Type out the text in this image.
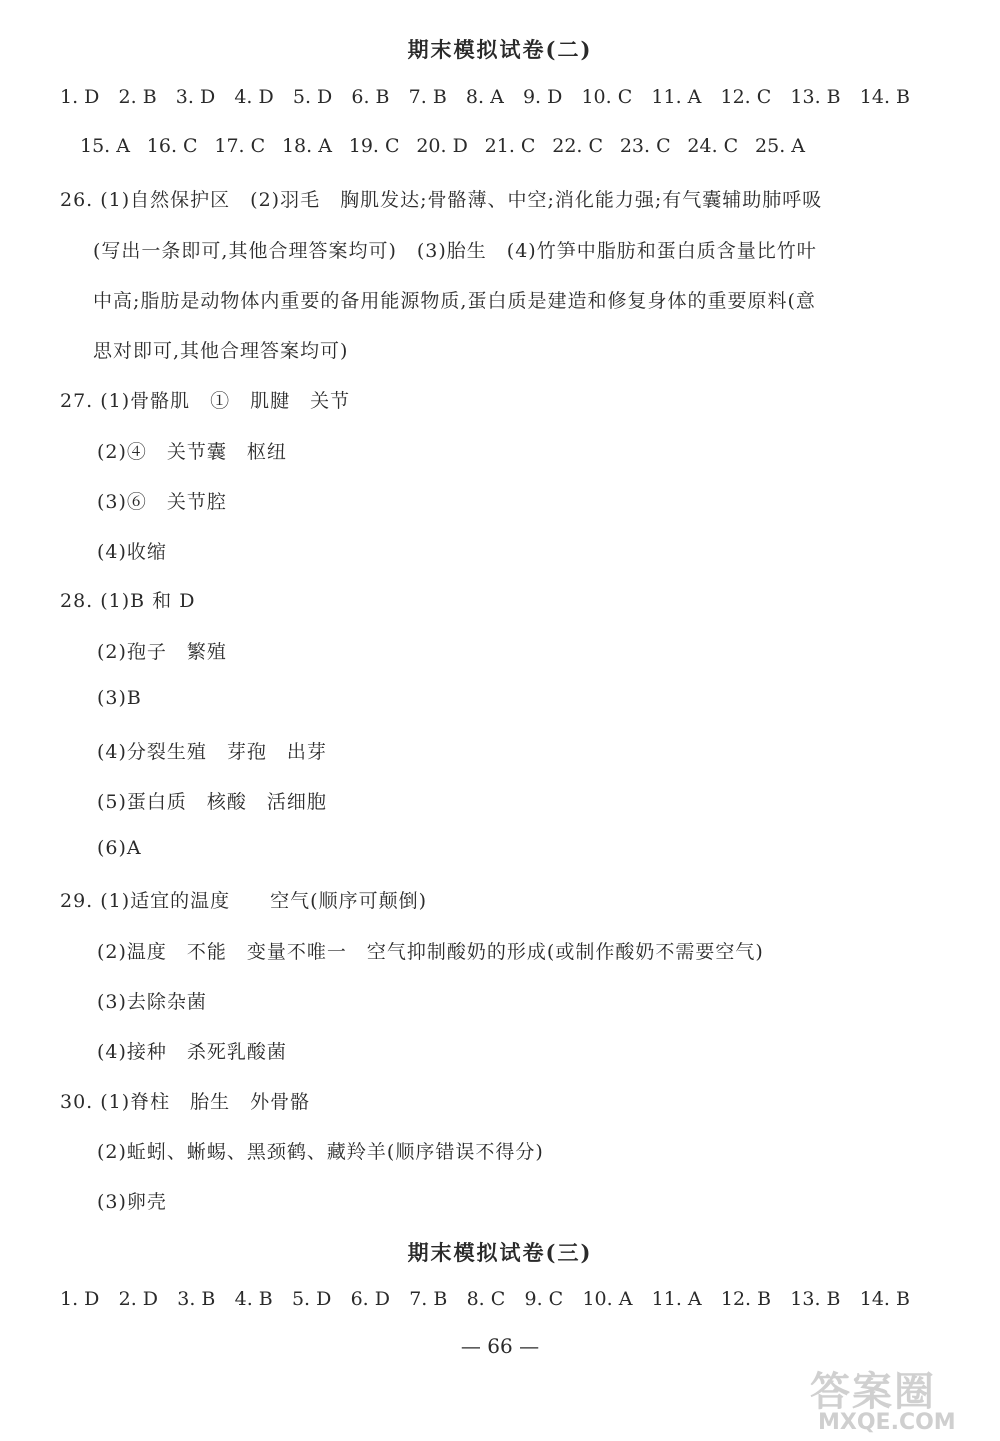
期末模拟试卷(二)
1. D 2. B 3. D 4. D 5. D 6. B 7. B 8. A 9. D 10. C 11. A 12. C 13. B 14. B
15. A 16. C 17. C 18. A 19. C 20. D 21. C 22. C 23. C 24. C 25. A
26. (1)自然保护区　(2)羽毛　胸肌发达;骨骼薄、中空;消化能力强;有气囊辅助肺呼吸
(写出一条即可,其他合理答案均可)　(3)胎生　(4)竹笋中脂肪和蛋白质含量比竹叶
中高;脂肪是动物体内重要的备用能源物质,蛋白质是建造和修复身体的重要原料(意
思对即可,其他合理答案均可)
27. (1)骨骼肌　①　肌腱　关节
(2)④　关节囊　枢纽
(3)⑥　关节腔
(4)收缩
28. (1)B 和 D
(2)孢子　繁殖
(3)B
(4)分裂生殖　芽孢　出芽
(5)蛋白质　核酸　活细胞
(6)A
29. (1)适宜的温度　　空气(顺序可颠倒)
(2)温度　不能　变量不唯一　空气抑制酸奶的形成(或制作酸奶不需要空气)
(3)去除杂菌
(4)接种　杀死乳酸菌
30. (1)脊柱　胎生　外骨骼
(2)蚯蚓、蜥蜴、黑颈鹤、藏羚羊(顺序错误不得分)
(3)卵壳
期末模拟试卷(三)
1. D 2. D 3. B 4. B 5. D 6. D 7. B 8. C 9. C 10. A 11. A 12. B 13. B 14. B
— 66 —
答案圈
MXQE.COM
